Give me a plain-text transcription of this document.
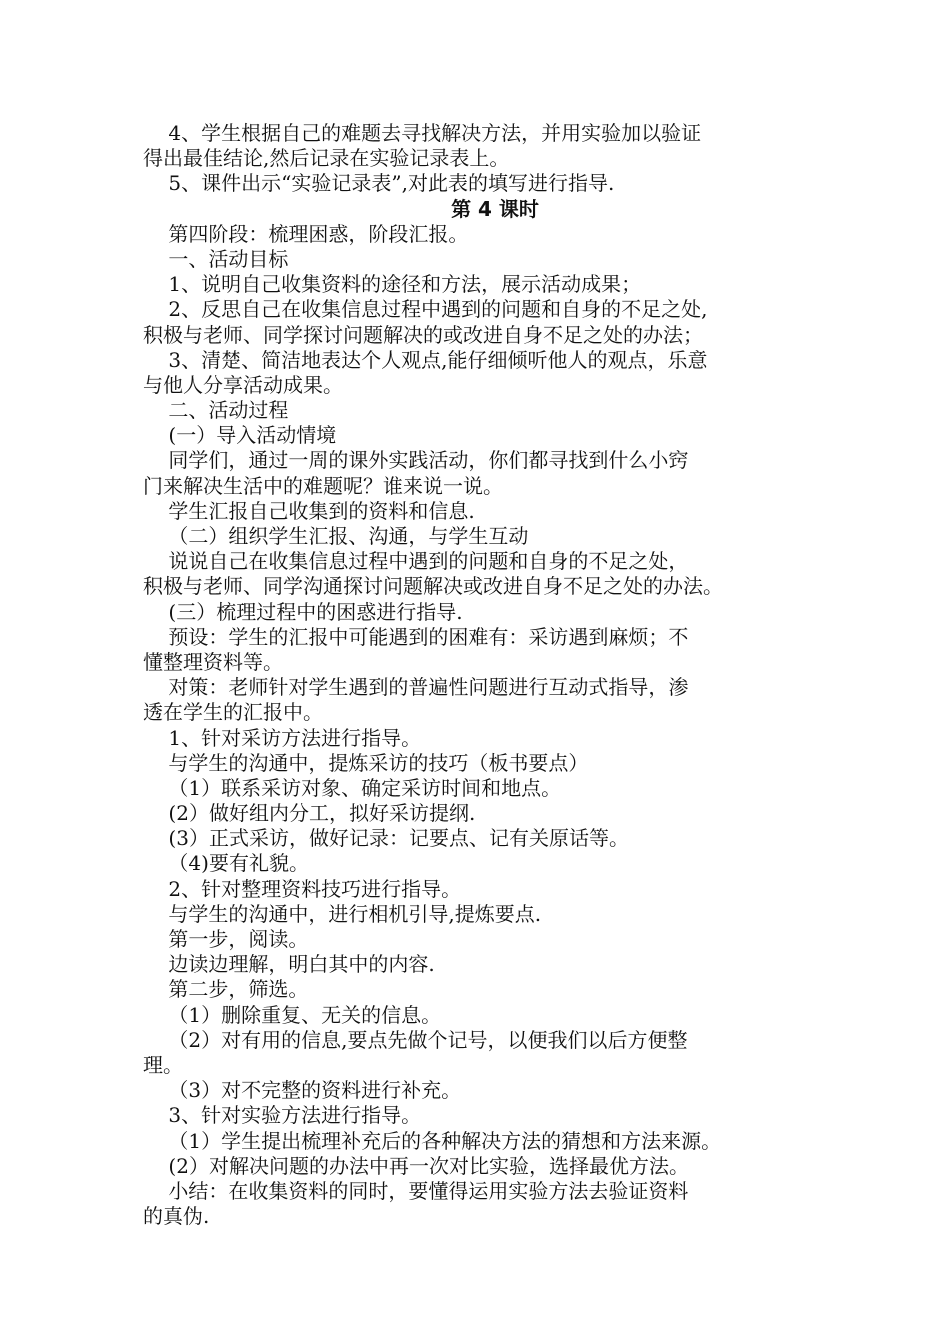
4、学生根据自己的难题去寻找解决方法，并用实验加以验证
得出最佳结论,然后记录在实验记录表上。
5、课件出示“实验记录表”,对此表的填写进行指导.
第 4 课时
第四阶段：梳理困惑，阶段汇报。
一、活动目标
1、说明自己收集资料的途径和方法，展示活动成果；
2、反思自己在收集信息过程中遇到的问题和自身的不足之处,
积极与老师、同学探讨问题解决的或改进自身不足之处的办法；
3、清楚、简洁地表达个人观点,能仔细倾听他人的观点，乐意
与他人分享活动成果。
二、活动过程
(一）导入活动情境
同学们，通过一周的课外实践活动，你们都寻找到什么小窍
门来解决生活中的难题呢？谁来说一说。
学生汇报自己收集到的资料和信息.
（二）组织学生汇报、沟通，与学生互动
说说自己在收集信息过程中遇到的问题和自身的不足之处，
积极与老师、同学沟通探讨问题解决或改进自身不足之处的办法。
(三）梳理过程中的困惑进行指导.
预设：学生的汇报中可能遇到的困难有：采访遇到麻烦；不
懂整理资料等。
对策：老师针对学生遇到的普遍性问题进行互动式指导，渗
透在学生的汇报中。
1、针对采访方法进行指导。
与学生的沟通中，提炼采访的技巧（板书要点）
（1）联系采访对象、确定采访时间和地点。
(2）做好组内分工，拟好采访提纲.
(3）正式采访，做好记录：记要点、记有关原话等。
（4)要有礼貌。
2、针对整理资料技巧进行指导。
与学生的沟通中，进行相机引导,提炼要点.
第一步，阅读。
边读边理解，明白其中的内容.
第二步，筛选。
（1）删除重复、无关的信息。
（2）对有用的信息,要点先做个记号，以便我们以后方便整
理。
（3）对不完整的资料进行补充。
3、针对实验方法进行指导。
（1）学生提出梳理补充后的各种解决方法的猜想和方法来源。
(2）对解决问题的办法中再一次对比实验，选择最优方法。
小结：在收集资料的同时，要懂得运用实验方法去验证资料
的真伪.
